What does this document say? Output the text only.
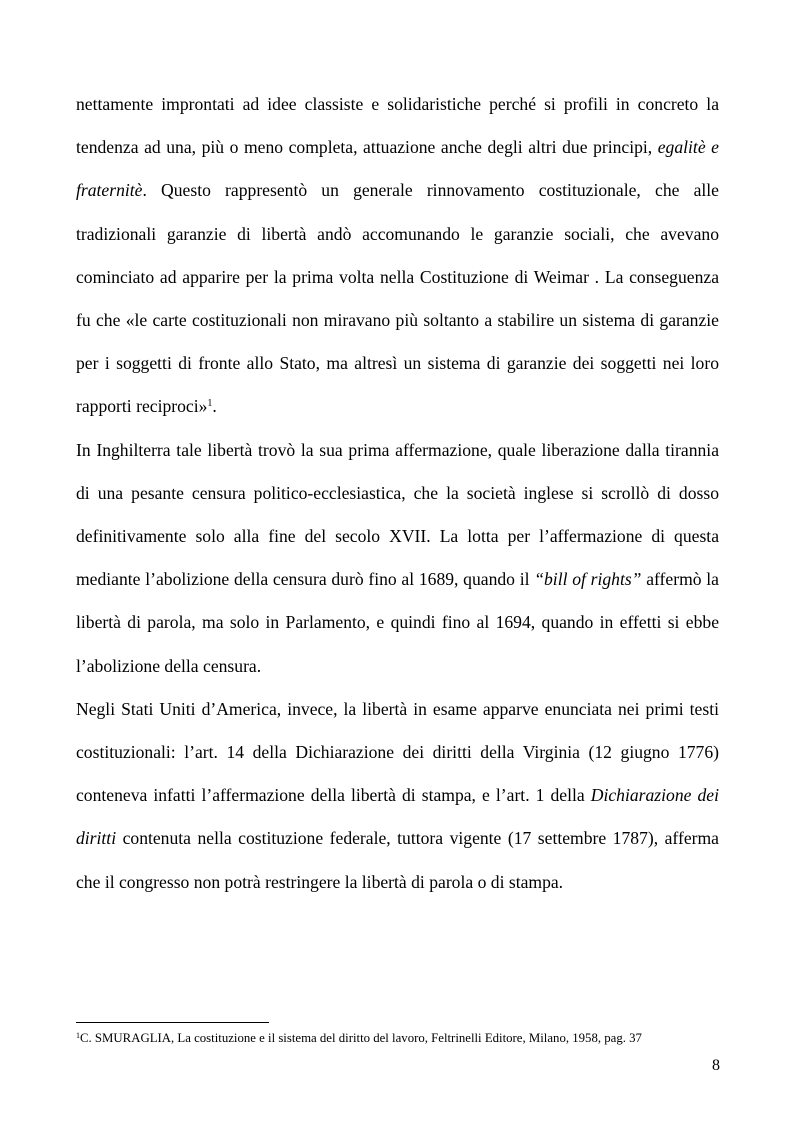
nettamente improntati ad idee classiste e solidaristiche perché si profili in concreto la tendenza ad una, più o meno completa, attuazione anche degli altri due principi, egalitè e fraternitè. Questo rappresentò un generale rinnovamento costituzionale, che alle tradizionali garanzie di libertà andò accomunando le garanzie sociali, che avevano cominciato ad apparire per la prima volta nella Costituzione di Weimar . La conseguenza fu che «le carte costituzionali non miravano più soltanto a stabilire un sistema di garanzie per i soggetti di fronte allo Stato, ma altresì un sistema di garanzie dei soggetti nei loro rapporti reciproci»$^1$.

In Inghilterra tale libertà trovò la sua prima affermazione, quale liberazione dalla tirannia di una pesante censura politico-ecclesiastica, che la società inglese si scrollò di dosso definitivamente solo alla fine del secolo XVII. La lotta per l’affermazione di questa mediante l’abolizione della censura durò fino al 1689, quando il “bill of rights” affermò la libertà di parola, ma solo in Parlamento, e quindi fino al 1694, quando in effetti si ebbe l’abolizione della censura.

Negli Stati Uniti d’America, invece, la libertà in esame apparve enunciata nei primi testi costituzionali: l’art. 14 della Dichiarazione dei diritti della Virginia (12 giugno 1776) conteneva infatti l’affermazione della libertà di stampa, e l’art. 1 della Dichiarazione dei diritti contenuta nella costituzione federale, tuttora vigente (17 settembre 1787), afferma che il congresso non potrà restringere la libertà di parola o di stampa.

$^1$C. SMURAGLIA, La costituzione e il sistema del diritto del lavoro, Feltrinelli Editore, Milano, 1958, pag. 37
8
